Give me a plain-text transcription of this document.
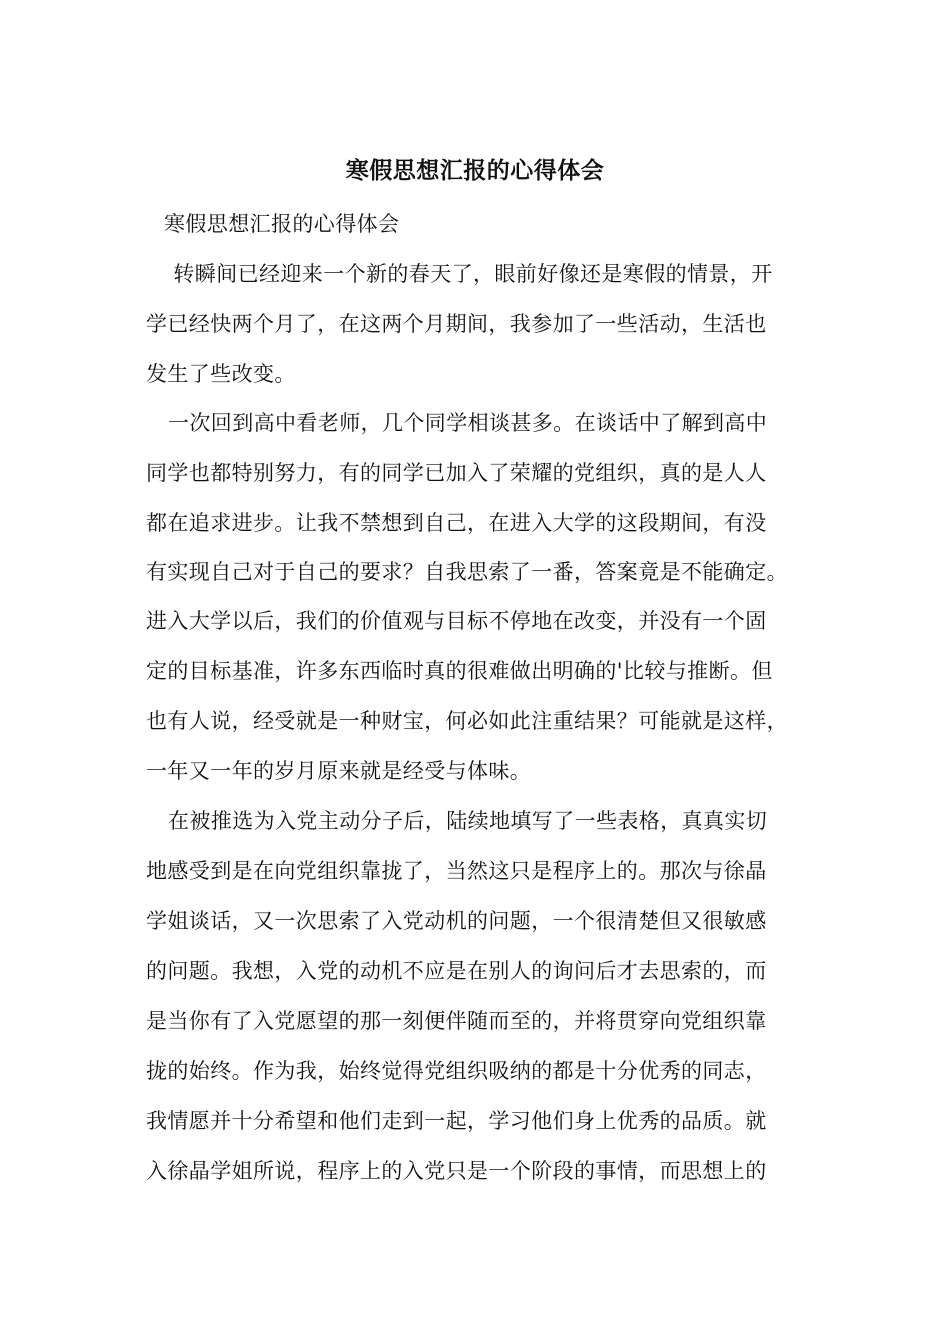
寒假思想汇报的心得体会
寒假思想汇报的心得体会
　转瞬间已经迎来一个新的春天了，眼前好像还是寒假的情景，开
学已经快两个月了，在这两个月期间，我参加了一些活动，生活也
发生了些改变。
一次回到高中看老师，几个同学相谈甚多。在谈话中了解到高中
同学也都特别努力，有的同学已加入了荣耀的党组织，真的是人人
都在追求进步。让我不禁想到自己，在进入大学的这段期间，有没
有实现自己对于自己的要求？自我思索了一番，答案竟是不能确定。
进入大学以后，我们的价值观与目标不停地在改变，并没有一个固
定的目标基准，许多东西临时真的很难做出明确的'比较与推断。但
也有人说，经受就是一种财宝，何必如此注重结果？可能就是这样，
一年又一年的岁月原来就是经受与体味。
在被推选为入党主动分子后，陆续地填写了一些表格，真真实切
地感受到是在向党组织靠拢了，当然这只是程序上的。那次与徐晶
学姐谈话，又一次思索了入党动机的问题，一个很清楚但又很敏感
的问题。我想，入党的动机不应是在别人的询问后才去思索的，而
是当你有了入党愿望的那一刻便伴随而至的，并将贯穿向党组织靠
拢的始终。作为我，始终觉得党组织吸纳的都是十分优秀的同志，
我情愿并十分希望和他们走到一起，学习他们身上优秀的品质。就
入徐晶学姐所说，程序上的入党只是一个阶段的事情，而思想上的
